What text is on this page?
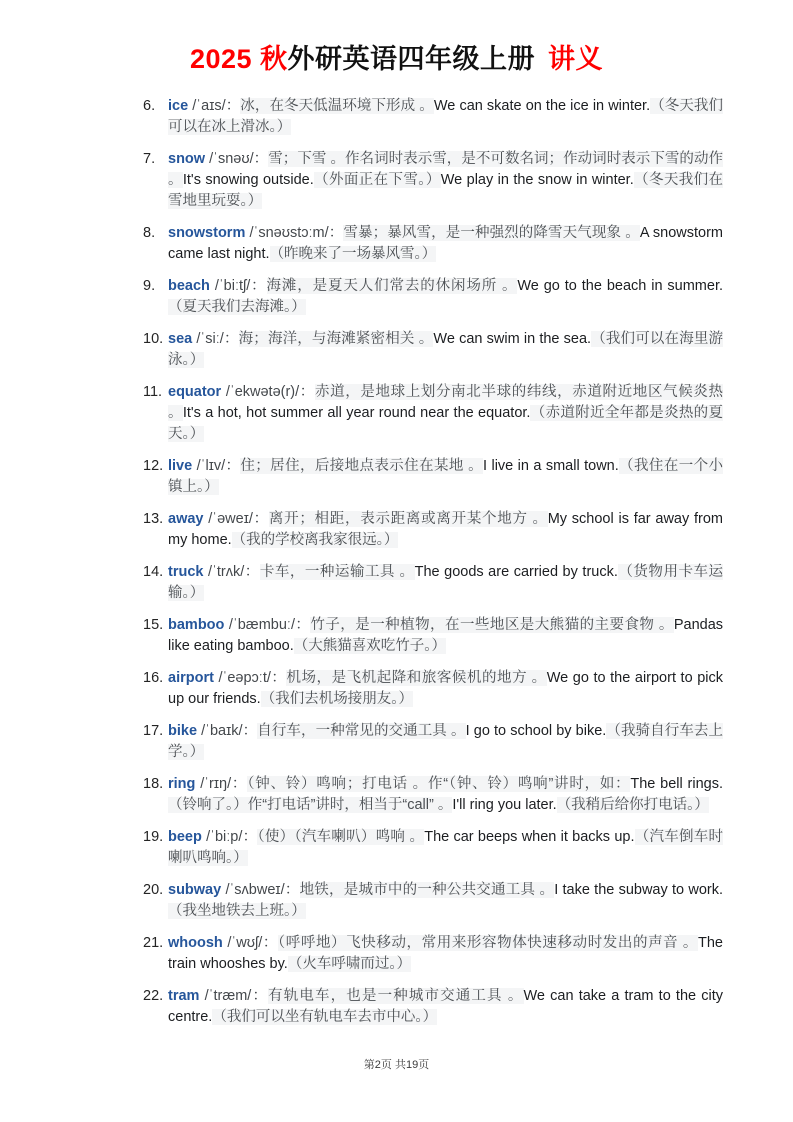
2025 秋外研英语四年级上册 讲义
6. ice /ˈaɪs/：冰，在冬天低温环境下形成 。We can skate on the ice in winter.（冬天我们可以在冰上滑冰。）

7. snow /ˈsnəʊ/：雪；下雪 。作名词时表示雪，是不可数名词；作动词时表示下雪的动作 。It's snowing outside.（外面正在下雪。）We play in the snow in winter.（冬天我们在雪地里玩耍。）

8. snowstorm /ˈsnəʊstɔːm/：雪暴；暴风雪，是一种强烈的降雪天气现象 。A snowstorm came last night.（昨晚来了一场暴风雪。）

9. beach /ˈbiːtʃ/：海滩，是夏天人们常去的休闲场所 。We go to the beach in summer.（夏天我们去海滩。）

10. sea /ˈsiː/：海；海洋，与海滩紧密相关 。We can swim in the sea.（我们可以在海里游泳。）

11. equator /ˈekwətə(r)/：赤道，是地球上划分南北半球的纬线，赤道附近地区气候炎热 。It's a hot, hot summer all year round near the equator.（赤道附近全年都是炎热的夏天。）

12. live /ˈlɪv/：住；居住，后接地点表示住在某地 。I live in a small town.（我住在一个小镇上。）

13. away /ˈəweɪ/：离开；相距，表示距离或离开某个地方 。My school is far away from my home.（我的学校离我家很远。）

14. truck /ˈtrʌk/：卡车，一种运输工具 。The goods are carried by truck.（货物用卡车运输。）

15. bamboo /ˈbæmbuː/：竹子，是一种植物，在一些地区是大熊猫的主要食物 。Pandas like eating bamboo.（大熊猫喜欢吃竹子。）

16. airport /ˈeəpɔːt/：机场，是飞机起降和旅客候机的地方 。We go to the airport to pick up our friends.（我们去机场接朋友。）

17. bike /ˈbaɪk/：自行车，一种常见的交通工具 。I go to school by bike.（我骑自行车去上学。）

18. ring /ˈrɪŋ/：（钟、铃）鸣响；打电话 。作“（钟、铃）鸣响”讲时，如：The bell rings.（铃响了。）作“打电话”讲时，相当于“call” 。I'll ring you later.（我稍后给你打电话。）

19. beep /ˈbiːp/：（使）（汽车喇叭）鸣响 。The car beeps when it backs up.（汽车倒车时喇叭鸣响。）

20. subway /ˈsʌbweɪ/：地铁，是城市中的一种公共交通工具 。I take the subway to work.（我坐地铁去上班。）

21. whoosh /ˈwʊʃ/：（呼呼地）飞快移动，常用来形容物体快速移动时发出的声音 。The train whooshes by.（火车呼啸而过。）

22. tram /ˈtræm/：有轨电车，也是一种城市交通工具 。We can take a tram to the city centre.（我们可以坐有轨电车去市中心。）

第2页 共19页
